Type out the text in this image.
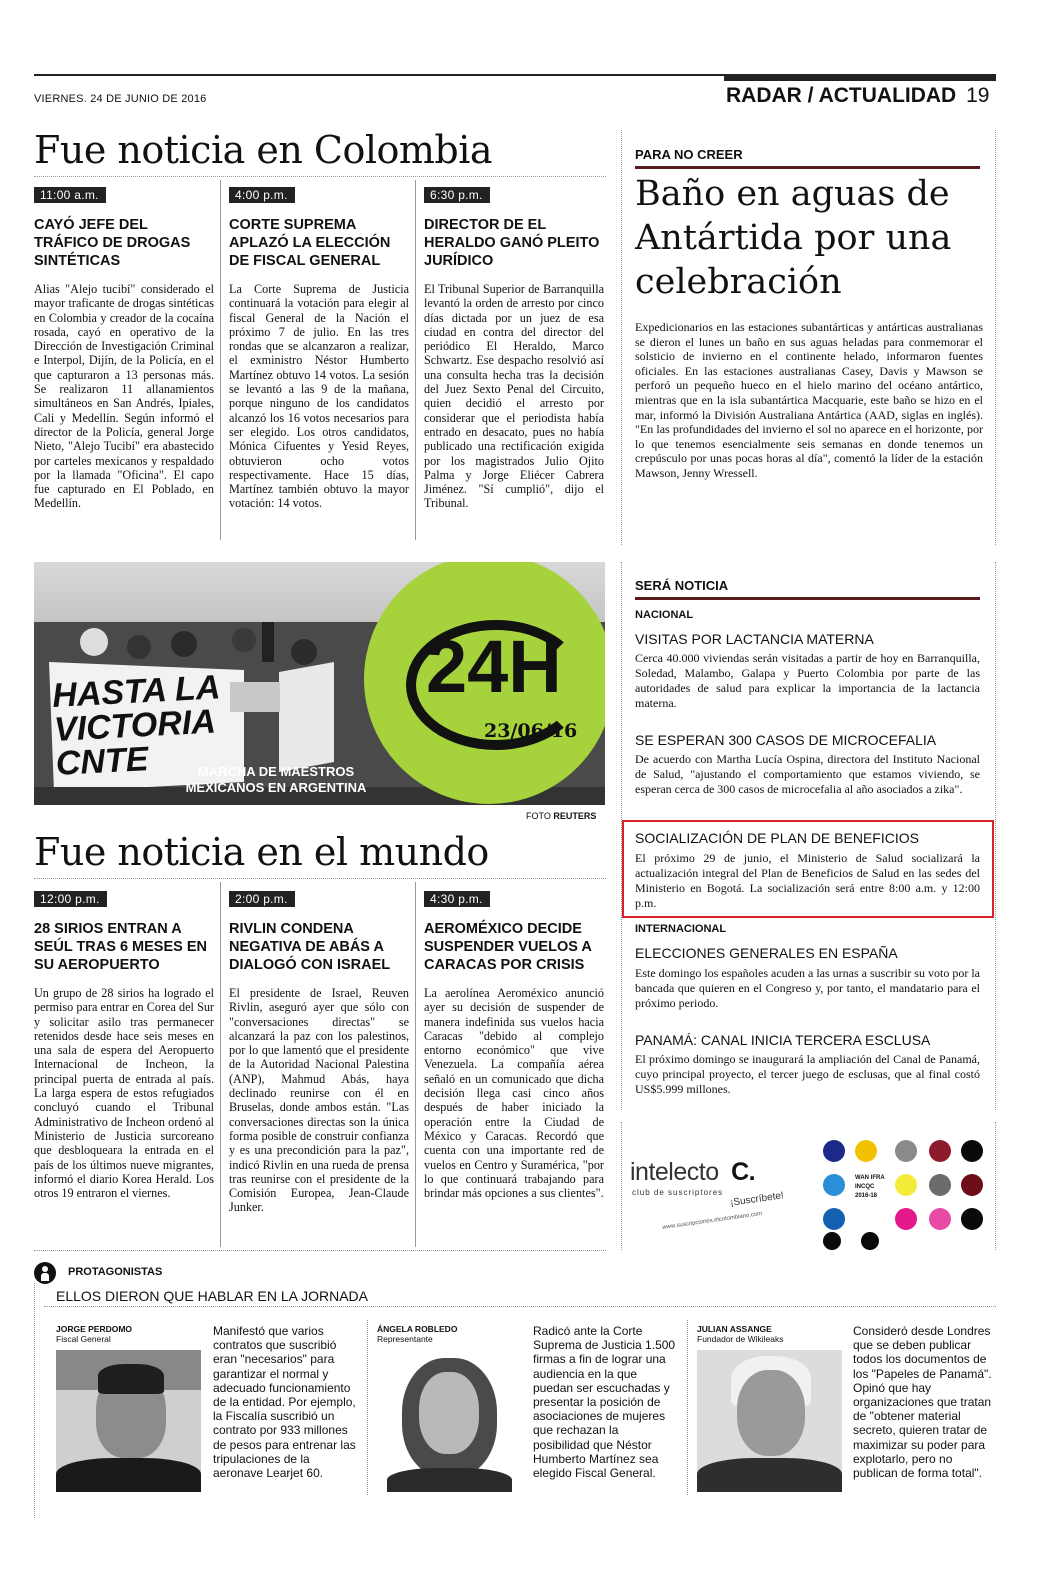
VIERNES. 24 DE JUNIO DE 2016	RADAR / ACTUALIDAD 19
Fue noticia en Colombia
11:00 a.m.
CAYÓ JEFE DEL TRÁFICO DE DROGAS SINTÉTICAS
Alias "Alejo tucibí" considerado el mayor traficante de drogas sintéticas en Colombia y creador de la cocaína rosada, cayó en operativo de la Dirección de Investigación Criminal e Interpol, Dijín, de la Policía, en el que capturaron a 13 personas más. Se realizaron 11 allanamientos simultáneos en San Andrés, Ipiales, Cali y Medellín. Según informó el director de la Policía, general Jorge Nieto, "Alejo Tucibí" era abastecido por carteles mexicanos y respaldado por la llamada "Oficina". El capo fue capturado en El Poblado, en Medellín.
4:00 p.m.
CORTE SUPREMA APLAZÓ LA ELECCIÓN DE FISCAL GENERAL
La Corte Suprema de Justicia continuará la votación para elegir al fiscal General de la Nación el próximo 7 de julio. En las tres rondas que se alcanzaron a realizar, el exministro Néstor Humberto Martínez obtuvo 14 votos. La sesión se levantó a las 9 de la mañana, porque ninguno de los candidatos alcanzó los 16 votos necesarios para ser elegido. Los otros candidatos, Mónica Cifuentes y Yesid Reyes, obtuvieron ocho votos respectivamente. Hace 15 días, Martínez también obtuvo la mayor votación: 14 votos.
6:30 p.m.
DIRECTOR DE EL HERALDO GANÓ PLEITO JURÍDICO
El Tribunal Superior de Barranquilla levantó la orden de arresto por cinco días dictada por un juez de esa ciudad en contra del director del periódico El Heraldo, Marco Schwartz. Ese despacho resolvió así una consulta hecha tras la decisión del Juez Sexto Penal del Circuito, quien decidió el arresto por considerar que el periodista había entrado en desacato, pues no había publicado una rectificación exigida por los magistrados Julio Ojito Palma y Jorge Eliécer Cabrera Jiménez. "Sí cumplió", dijo el Tribunal.
PARA NO CREER
Baño en aguas de Antártida por una celebración
Expedicionarios en las estaciones subantárticas y antárticas australianas se dieron el lunes un baño en sus aguas heladas para conmemorar el solsticio de invierno en el continente helado, informaron fuentes oficiales. En las estaciones australianas Casey, Davis y Mawson se perforó un pequeño hueco en el hielo marino del océano antártico, mientras que en la isla subantártica Macquarie, este baño se hizo en el mar, informó la División Australiana Antártica (AAD, siglas en inglés). "En las profundidades del invierno el sol no aparece en el horizonte, por lo que tenemos esencialmente seis semanas en donde tenemos un crepúsculo por unas pocas horas al día", comentó la líder de la estación Mawson, Jenny Wressell.
HASTA LA VICTORIA CNTE
24H
23/06/16
MARCHA DE MAESTROS MEXICANOS EN ARGENTINA
FOTO REUTERS
SERÁ NOTICIA
NACIONAL
VISITAS POR LACTANCIA MATERNA
Cerca 40.000 viviendas serán visitadas a partir de hoy en Barranquilla, Soledad, Malambo, Galapa y Puerto Colombia por parte de las autoridades de salud para explicar la importancia de la lactancia materna.
SE ESPERAN 300 CASOS DE MICROCEFALIA
De acuerdo con Martha Lucía Ospina, directora del Instituto Nacional de Salud, "ajustando el comportamiento que estamos viviendo, se esperan cerca de 300 casos de microcefalia al año asociados a zika".
INTERNACIONAL
ELECCIONES GENERALES EN ESPAÑA
Este domingo los españoles acuden a las urnas a suscribir su voto por la bancada que quieren en el Congreso y, por tanto, el mandatario para el próximo periodo.
PANAMÁ: CANAL INICIA TERCERA ESCLUSA
El próximo domingo se inaugurará la ampliación del Canal de Panamá, cuyo principal proyecto, el tercer juego de esclusas, que al final costó US$5.999 millones.
SOCIALIZACIÓN DE PLAN DE BENEFICIOS
El próximo 29 de junio, el Ministerio de Salud socializará la actualización integral del Plan de Beneficios de Salud en las sedes del Ministerio en Bogotá. La socialización será entre 8:00 a.m. y 12:00 p.m.
Fue noticia en el mundo
12:00 p.m.
28 SIRIOS ENTRAN A SEÚL TRAS 6 MESES EN SU AEROPUERTO
Un grupo de 28 sirios ha logrado el permiso para entrar en Corea del Sur y solicitar asilo tras permanecer retenidos desde hace seis meses en una sala de espera del Aeropuerto Internacional de Incheon, la principal puerta de entrada al país. La larga espera de estos refugiados concluyó cuando el Tribunal Administrativo de Incheon ordenó al Ministerio de Justicia surcoreano que desbloqueara la entrada en el país de los últimos nueve migrantes, informó el diario Korea Herald. Los otros 19 entraron el viernes.
2:00 p.m.
RIVLIN CONDENA NEGATIVA DE ABÁS A DIALOGÓ CON ISRAEL
El presidente de Israel, Reuven Rivlin, aseguró ayer que sólo con "conversaciones directas" se alcanzará la paz con los palestinos, por lo que lamentó que el presidente de la Autoridad Nacional Palestina (ANP), Mahmud Abás, haya declinado reunirse con él en Bruselas, donde ambos están. "Las conversaciones directas son la única forma posible de construir confianza y es una precondición para la paz", indicó Rivlin en una rueda de prensa tras reunirse con el presidente de la Comisión Europea, Jean-Claude Junker.
4:30 p.m.
AEROMÉXICO DECIDE SUSPENDER VUELOS A CARACAS POR CRISIS
La aerolínea Aeroméxico anunció ayer su decisión de suspender de manera indefinida sus vuelos hacia Caracas "debido al complejo entorno económico" que vive Venezuela. La compañía aérea señaló en un comunicado que dicha decisión llega casi cinco años después de haber iniciado la operación entre la Ciudad de México y Caracas. Recordó que cuenta con una importante red de vuelos en Centro y Suramérica, "por lo que continuará trabajando para brindar más opciones a sus clientes".
intelecto C.
club de suscriptores ¡Suscríbete!
www.suscripciones.elcolombiano.com
WAN IFRA
INCQC 2016-18
PROTAGONISTAS
ELLOS DIERON QUE HABLAR EN LA JORNADA
JORGE PERDOMO
Fiscal General
Manifestó que varios contratos que suscribió eran "necesarios" para garantizar el normal y adecuado funcionamiento de la entidad. Por ejemplo, la Fiscalía suscribió un contrato por 933 millones de pesos para entrenar las tripulaciones de la aeronave Learjet 60.
ÁNGELA ROBLEDO
Representante
Radicó ante la Corte Suprema de Justicia 1.500 firmas a fin de lograr una audiencia en la que puedan ser escuchadas y presentar la posición de asociaciones de mujeres que rechazan la posibilidad que Néstor Humberto Martínez sea elegido Fiscal General.
JULIAN ASSANGE
Fundador de Wikileaks
Consideró desde Londres que se deben publicar todos los documentos de los "Papeles de Panamá". Opinó que hay organizaciones que tratan de "obtener material secreto, quieren tratar de maximizar su poder para explotarlo, pero no publican de forma total".
